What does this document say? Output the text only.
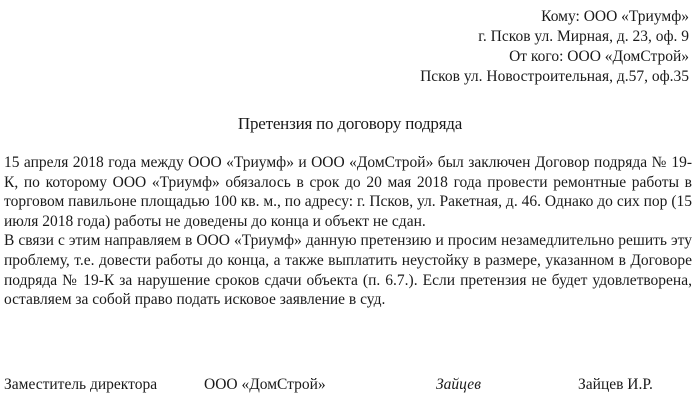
Кому: ООО «Триумф»
г. Псков ул. Мирная, д. 23, оф. 9
От кого: ООО «ДомСтрой»
Псков ул. Новостроительная, д.57, оф.35
Претензия по договору подряда

15 апреля 2018 года между ООО «Триумф» и ООО «ДомСтрой» был заключен Договор подряда № 19-К, по которому ООО «Триумф» обязалось в срок до 20 мая 2018 года провести ремонтные работы в торговом павильоне площадью 100 кв. м., по адресу: г. Псков, ул. Ракетная, д. 46. Однако до сих пор (15 июля 2018 года) работы не доведены до конца и объект не сдан.

В связи с этим направляем в ООО «Триумф» данную претензию и просим незамедлительно решить эту проблему, т.е. довести работы до конца, а также выплатить неустойку в размере, указанном в Договоре подряда № 19-К за нарушение сроков сдачи объекта (п. 6.7.). Если претензия не будет удовлетворена, оставляем за собой право подать исковое заявление в суд.

Заместитель директора	ООО «ДомСтрой»	Зайцев	Зайцев И.Р.
